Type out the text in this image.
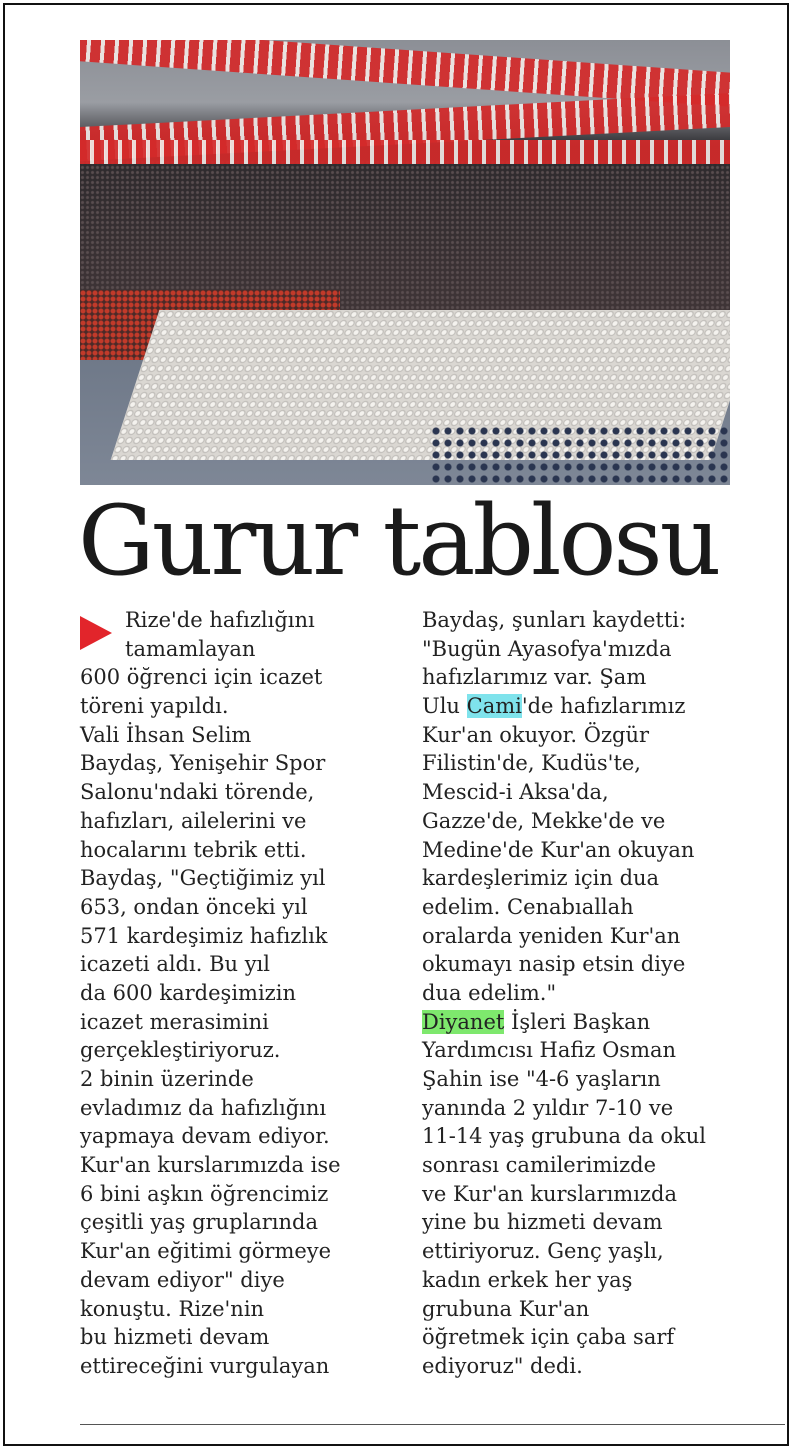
Gurur tablosu
Rize'de hafızlığını
tamamlayan
600 öğrenci için icazet
töreni yapıldı.
Vali İhsan Selim
Baydaş, Yenişehir Spor
Salonu'ndaki törende,
hafızları, ailelerini ve
hocalarını tebrik etti.
Baydaş, "Geçtiğimiz yıl
653, ondan önceki yıl
571 kardeşimiz hafızlık
icazeti aldı. Bu yıl
da 600 kardeşimizin
icazet merasimini
gerçekleştiriyoruz.
2 binin üzerinde
evladımız da hafızlığını
yapmaya devam ediyor.
Kur'an kurslarımızda ise
6 bini aşkın öğrencimiz
çeşitli yaş gruplarında
Kur'an eğitimi görmeye
devam ediyor" diye
konuştu. Rize'nin
bu hizmeti devam
ettireceğini vurgulayan
Baydaş, şunları kaydetti:
"Bugün Ayasofya'mızda
hafızlarımız var. Şam
Ulu Cami'de hafızlarımız
Kur'an okuyor. Özgür
Filistin'de, Kudüs'te,
Mescid-i Aksa'da,
Gazze'de, Mekke'de ve
Medine'de Kur'an okuyan
kardeşlerimiz için dua
edelim. Cenabıallah
oralarda yeniden Kur'an
okumayı nasip etsin diye
dua edelim."
Diyanet İşleri Başkan
Yardımcısı Hafiz Osman
Şahin ise "4-6 yaşların
yanında 2 yıldır 7-10 ve
11-14 yaş grubuna da okul
sonrası camilerimizde
ve Kur'an kurslarımızda
yine bu hizmeti devam
ettiriyoruz. Genç yaşlı,
kadın erkek her yaş
grubuna Kur'an
öğretmek için çaba sarf
ediyoruz" dedi.
